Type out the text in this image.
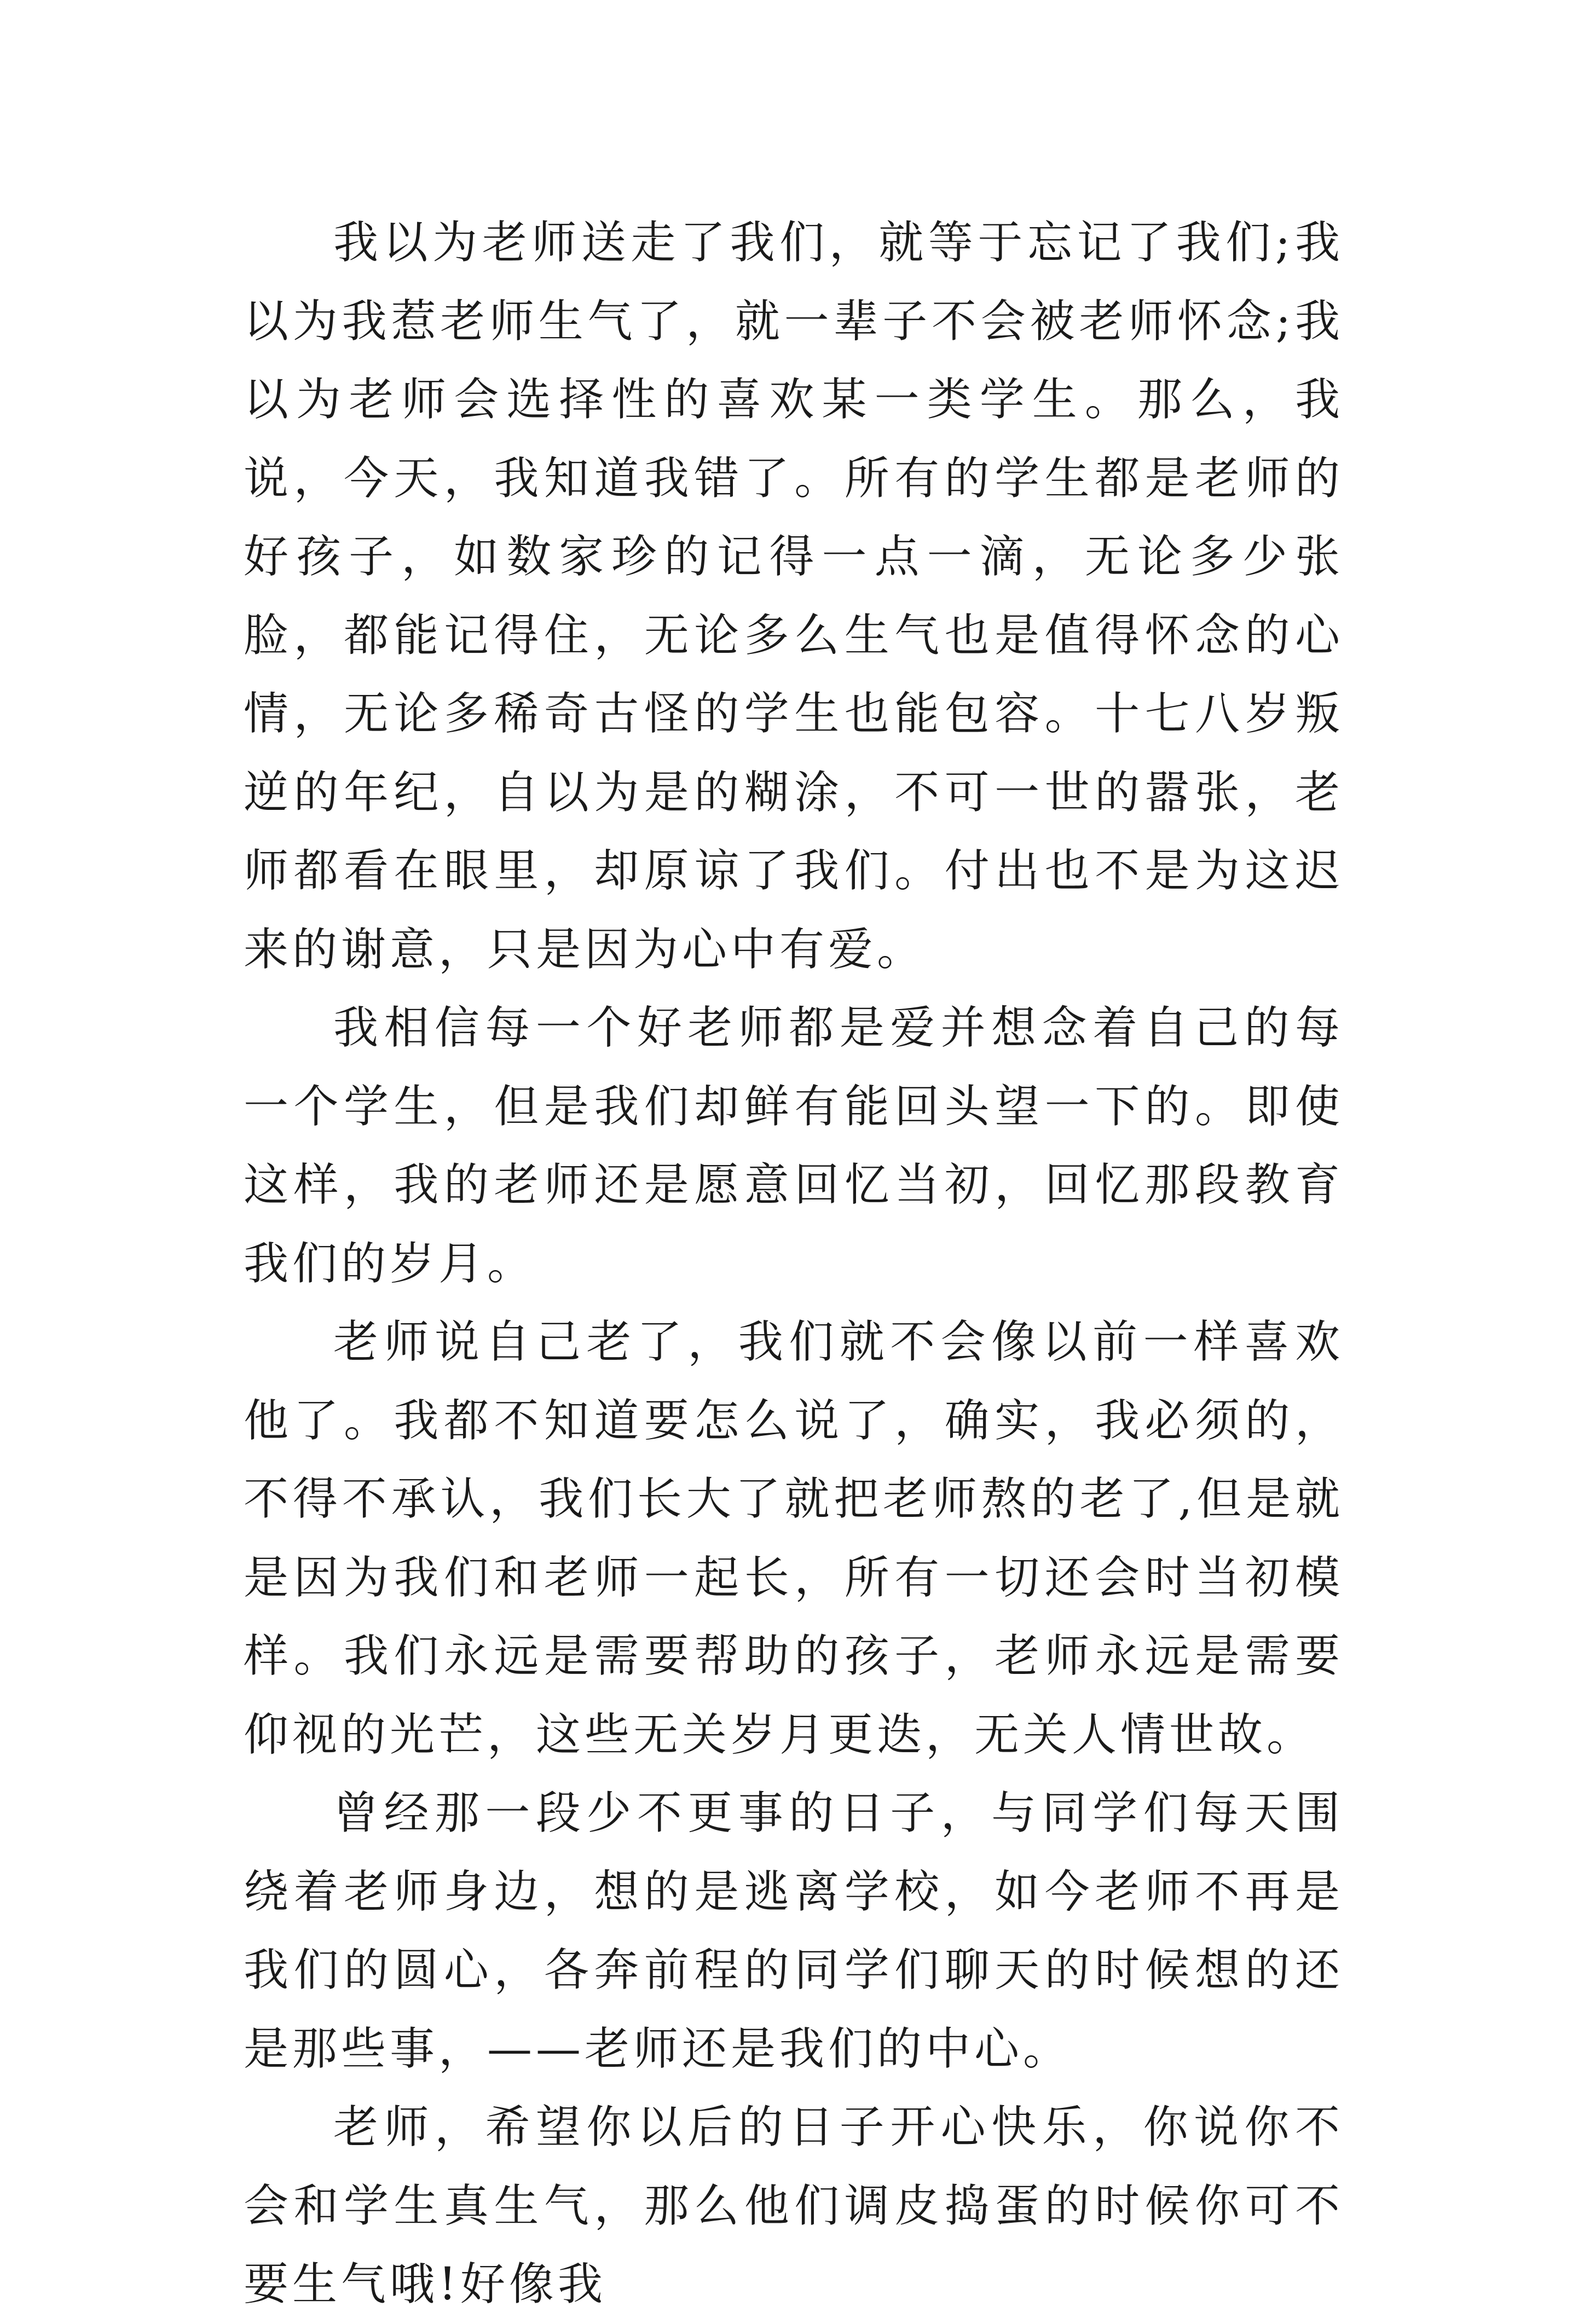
我以为老师送走了我们，就等于忘记了我们;我以为我惹老师生气了，就一辈子不会被老师怀念;我以为老师会选择性的喜欢某一类学生。那么，我说，今天，我知道我错了。所有的学生都是老师的好孩子，如数家珍的记得一点一滴，无论多少张脸，都能记得住，无论多么生气也是值得怀念的心情，无论多稀奇古怪的学生也能包容。十七八岁叛逆的年纪，自以为是的糊涂，不可一世的嚣张，老师都看在眼里，却原谅了我们。付出也不是为这迟来的谢意，只是因为心中有爱。

我相信每一个好老师都是爱并想念着自己的每一个学生，但是我们却鲜有能回头望一下的。即使这样，我的老师还是愿意回忆当初，回忆那段教育我们的岁月。

老师说自己老了，我们就不会像以前一样喜欢他了。我都不知道要怎么说了，确实，我必须的，不得不承认，我们长大了就把老师熬的老了,但是就是因为我们和老师一起长，所有一切还会时当初模样。我们永远是需要帮助的孩子，老师永远是需要仰视的光芒，这些无关岁月更迭，无关人情世故。

曾经那一段少不更事的日子，与同学们每天围绕着老师身边，想的是逃离学校，如今老师不再是我们的圆心，各奔前程的同学们聊天的时候想的还是那些事，——老师还是我们的中心。

老师，希望你以后的日子开心快乐，你说你不会和学生真生气，那么他们调皮捣蛋的时候你可不要生气哦!好像我
